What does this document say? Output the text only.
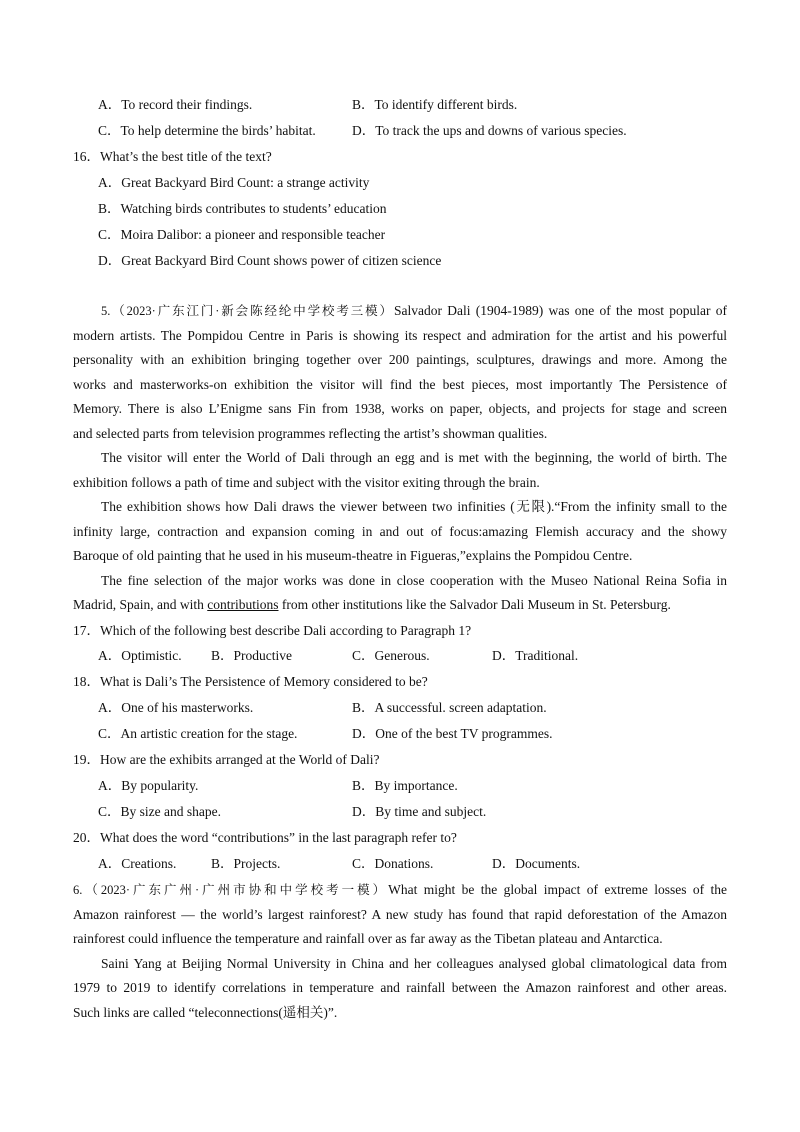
A．To record their findings.	B．To identify different birds.
C．To help determine the birds’ habitat.	D．To track the ups and downs of various species.
16．What’s the best title of the text?
A．Great Backyard Bird Count: a strange activity
B．Watching birds contributes to students’ education
C．Moira Dalibor: a pioneer and responsible teacher
D．Great Backyard Bird Count shows power of citizen science
5.（2023·广东江门·新会陈经纶中学校考三模）Salvador Dali (1904-1989) was one of the most popular of
modern artists. The Pompidou Centre in Paris is showing its respect and admiration for the artist and his powerful
personality with an exhibition bringing together over 200 paintings, sculptures, drawings and more. Among the
works and masterworks-on exhibition the visitor will find the best pieces, most importantly The Persistence of
Memory. There is also L’Enigme sans Fin from 1938, works on paper, objects, and projects for stage and screen
and selected parts from television programmes reflecting the artist’s showman qualities.
The visitor will enter the World of Dali through an egg and is met with the beginning, the world of birth. The
exhibition follows a path of time and subject with the visitor exiting through the brain.
The exhibition shows how Dali draws the viewer between two infinities (无限).“From the infinity small to the
infinity large, contraction and expansion coming in and out of focus:amazing Flemish accuracy and the showy
Baroque of old painting that he used in his museum-theatre in Figueras,”explains the Pompidou Centre.
The fine selection of the major works was done in close cooperation with the Museo National Reina Sofia in
Madrid, Spain, and with contributions from other institutions like the Salvador Dali Museum in St. Petersburg.
17．Which of the following best describe Dali according to Paragraph 1?
A．Optimistic. B．Productive	C．Generous.	D．Traditional.
18．What is Dali’s The Persistence of Memory considered to be?
A．One of his masterworks.	B．A successful. screen adaptation.
C．An artistic creation for the stage.	D．One of the best TV programmes.
19．How are the exhibits arranged at the World of Dali?
A．By popularity.	B．By importance.
C．By size and shape.	D．By time and subject.
20．What does the word “contributions” in the last paragraph refer to?
A．Creations.	B．Projects.	C．Donations.	D．Documents.
6.（2023·广东广州·广州市协和中学校考一模）What might be the global impact of extreme losses of the
Amazon rainforest — the world’s largest rainforest? A new study has found that rapid deforestation of the Amazon
rainforest could influence the temperature and rainfall over as far away as the Tibetan plateau and Antarctica.
Saini Yang at Beijing Normal University in China and her colleagues analysed global climatological data from
1979 to 2019 to identify correlations in temperature and rainfall between the Amazon rainforest and other areas.
Such links are called “teleconnections(遥相关)”.
